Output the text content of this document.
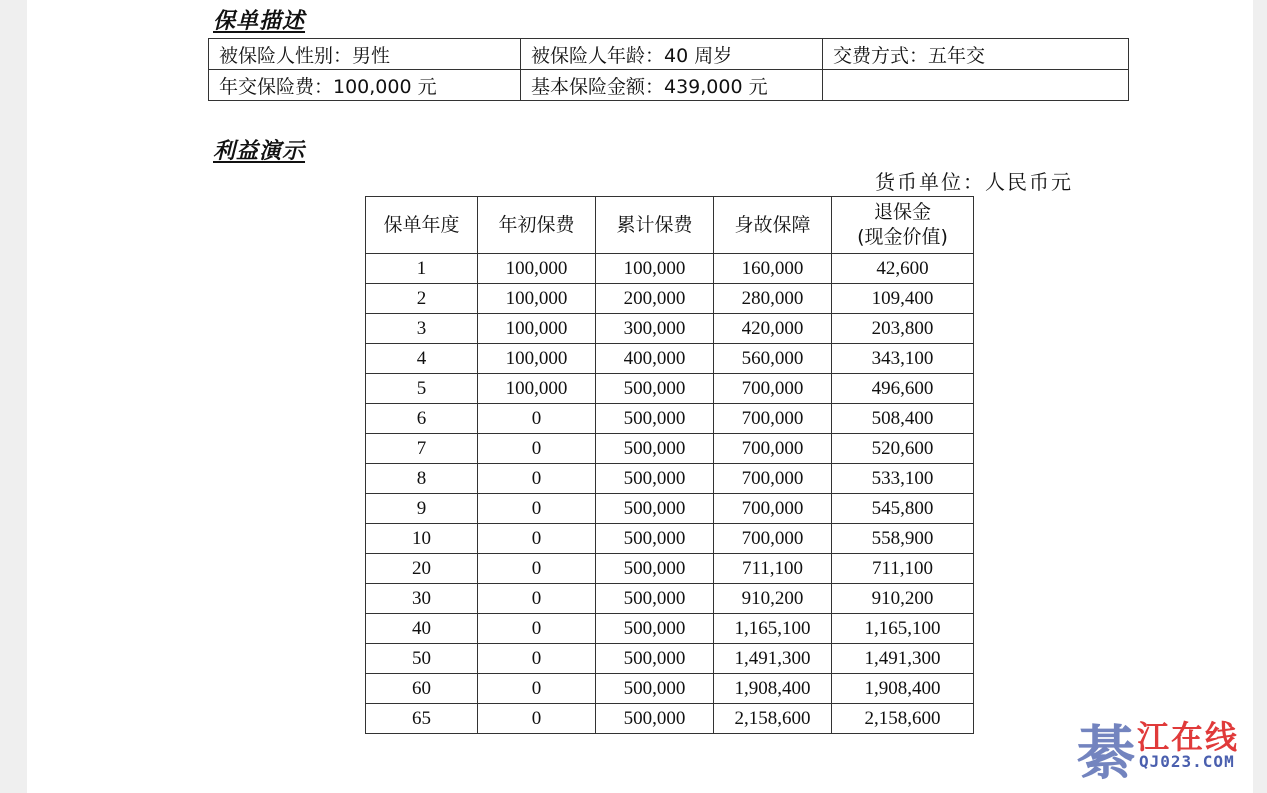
保单描述
被保险人性别：男性	被保险人年龄：40 周岁	交费方式：五年交
年交保险费：100,000 元	基本保险金额：439,000 元	
利益演示
货币单位：人民币元
保单年度	年初保费	累计保费	身故保障	退保金
(现金价值)
1	100,000	100,000	160,000	42,600
2	100,000	200,000	280,000	109,400
3	100,000	300,000	420,000	203,800
4	100,000	400,000	560,000	343,100
5	100,000	500,000	700,000	496,600
6	0	500,000	700,000	508,400
7	0	500,000	700,000	520,600
8	0	500,000	700,000	533,100
9	0	500,000	700,000	545,800
10	0	500,000	700,000	558,900
20	0	500,000	711,100	711,100
30	0	500,000	910,200	910,200
40	0	500,000	1,165,100	1,165,100
50	0	500,000	1,491,300	1,491,300
60	0	500,000	1,908,400	1,908,400
65	0	500,000	2,158,600	2,158,600
綦 江在线
QJ023.COM
